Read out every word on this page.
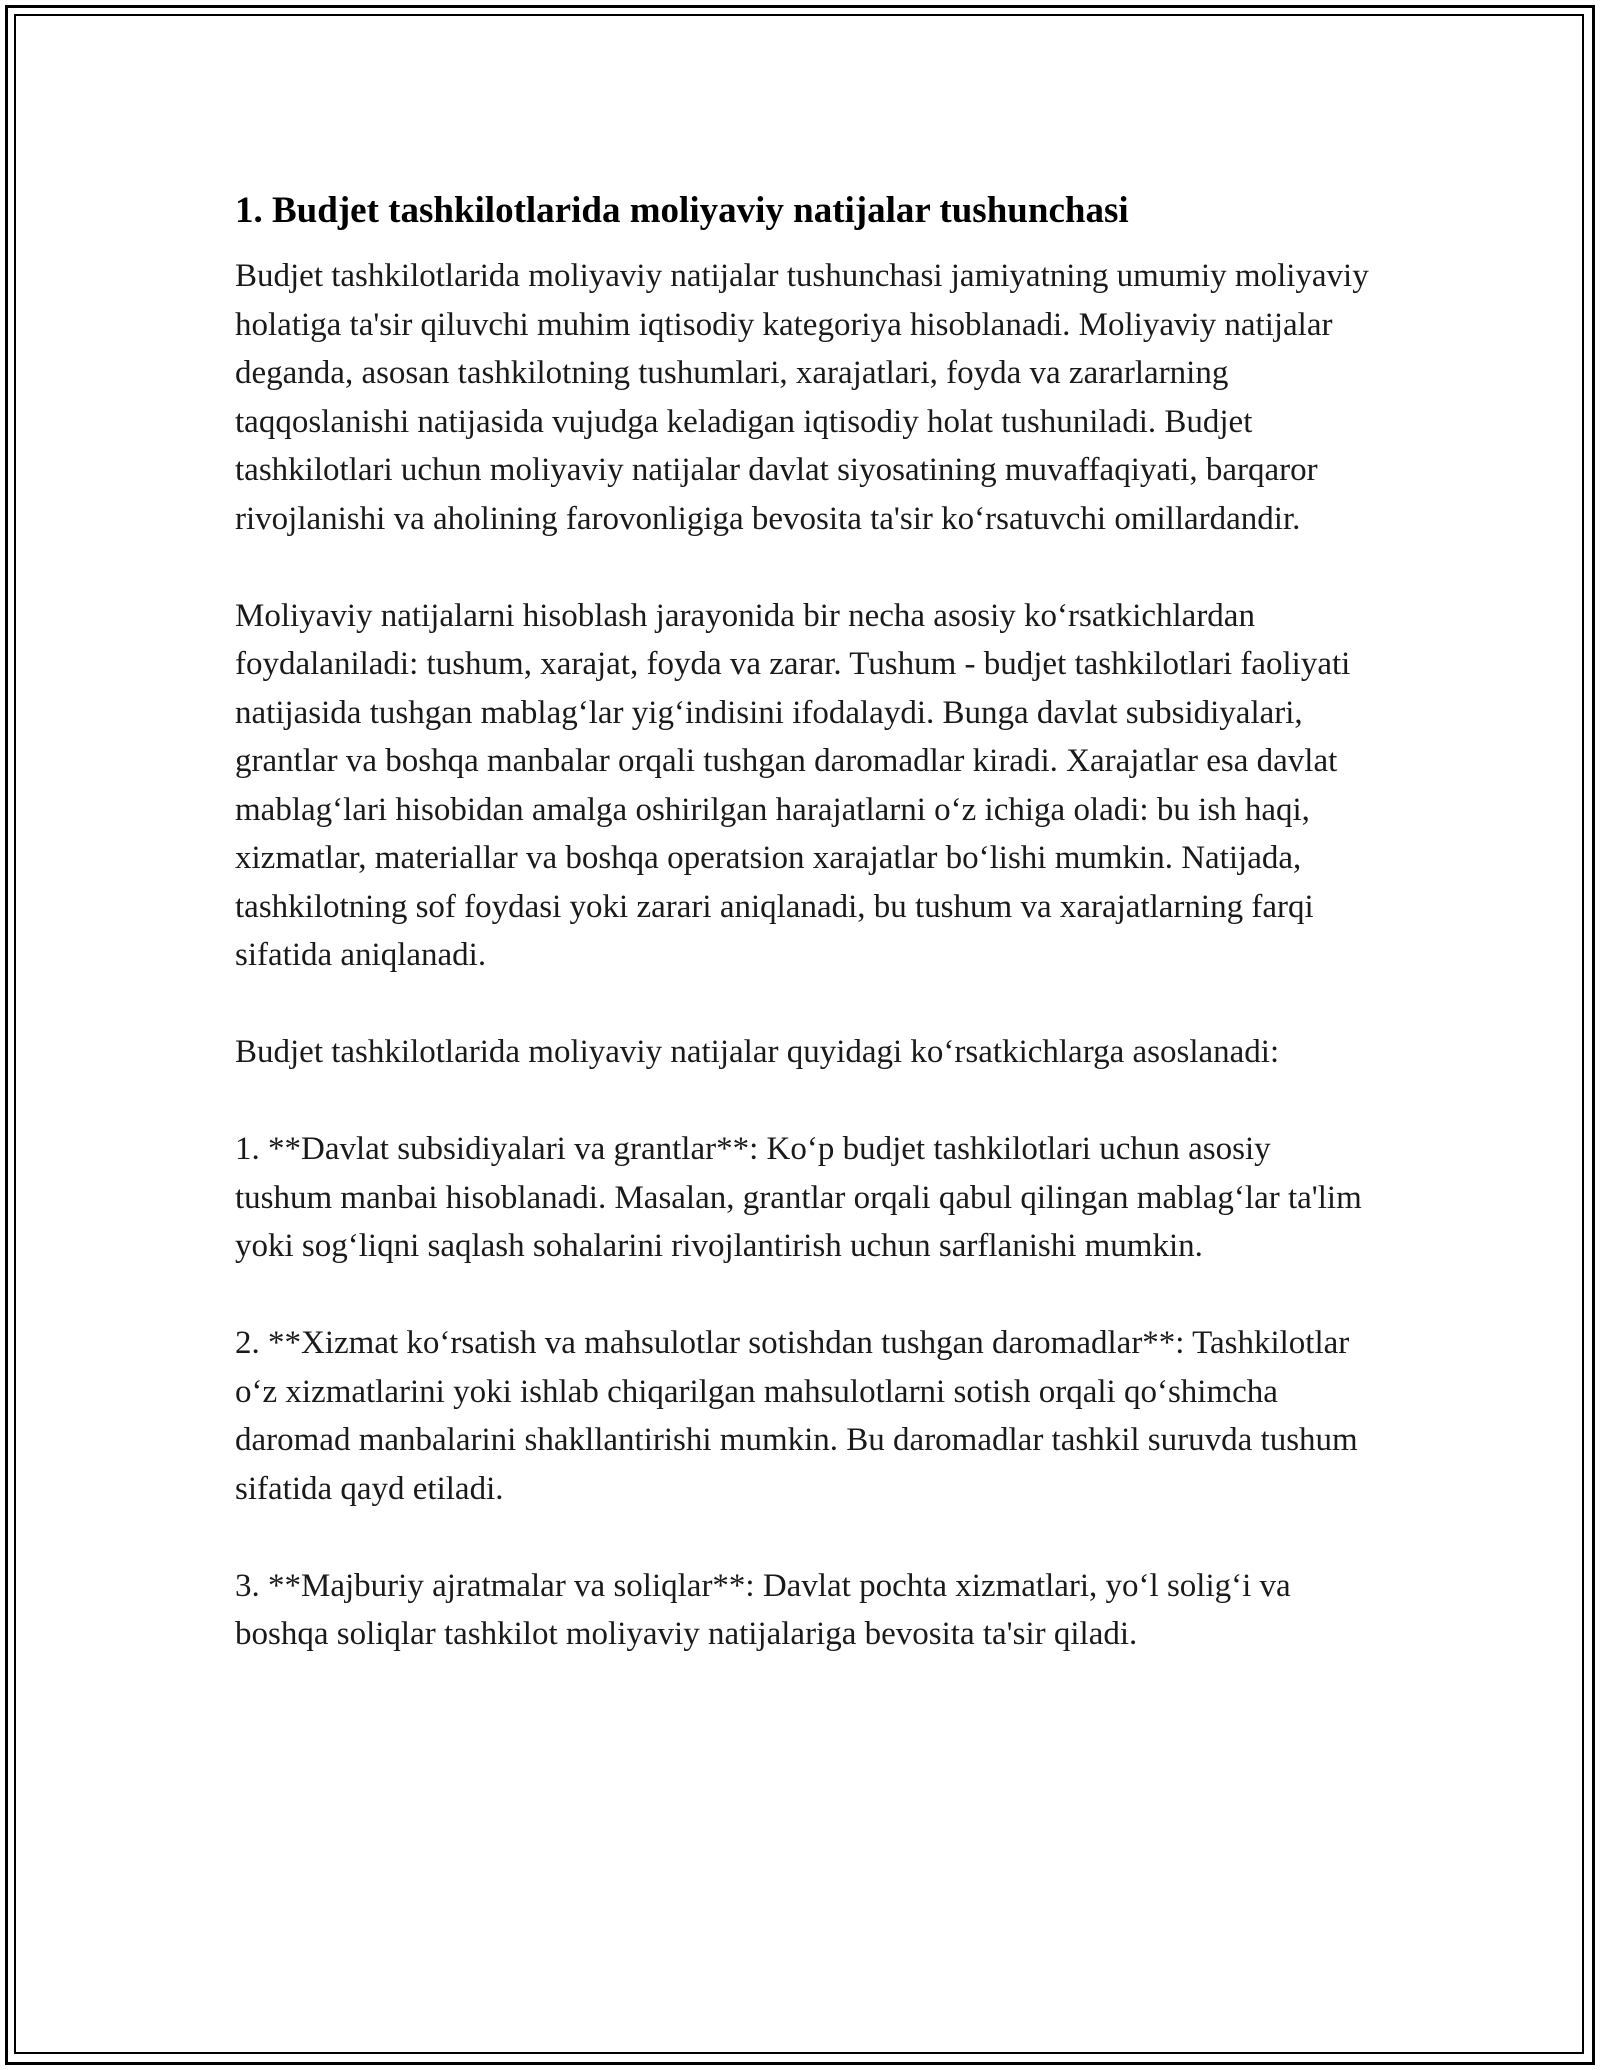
1. Budjet tashkilotlarida moliyaviy natijalar tushunchasi

Budjet tashkilotlarida moliyaviy natijalar tushunchasi jamiyatning umumiy moliyaviy holatiga ta'sir qiluvchi muhim iqtisodiy kategoriya hisoblanadi. Moliyaviy natijalar deganda, asosan tashkilotning tushumlari, xarajatlari, foyda va zararlarning taqqoslanishi natijasida vujudga keladigan iqtisodiy holat tushuniladi. Budjet tashkilotlari uchun moliyaviy natijalar davlat siyosatining muvaffaqiyati, barqaror rivojlanishi va aholining farovonligiga bevosita ta'sir ko‘rsatuvchi omillardandir.

Moliyaviy natijalarni hisoblash jarayonida bir necha asosiy ko‘rsatkichlardan foydalaniladi: tushum, xarajat, foyda va zarar. Tushum - budjet tashkilotlari faoliyati natijasida tushgan mablag‘lar yig‘indisini ifodalaydi. Bunga davlat subsidiyalari, grantlar va boshqa manbalar orqali tushgan daromadlar kiradi. Xarajatlar esa davlat mablag‘lari hisobidan amalga oshirilgan harajatlarni o‘z ichiga oladi: bu ish haqi, xizmatlar, materiallar va boshqa operatsion xarajatlar bo‘lishi mumkin. Natijada, tashkilotning sof foydasi yoki zarari aniqlanadi, bu tushum va xarajatlarning farqi sifatida aniqlanadi.

Budjet tashkilotlarida moliyaviy natijalar quyidagi ko‘rsatkichlarga asoslanadi:

1. **Davlat subsidiyalari va grantlar**: Ko‘p budjet tashkilotlari uchun asosiy tushum manbai hisoblanadi. Masalan, grantlar orqali qabul qilingan mablag‘lar ta'lim yoki sog‘liqni saqlash sohalarini rivojlantirish uchun sarflanishi mumkin.

2. **Xizmat ko‘rsatish va mahsulotlar sotishdan tushgan daromadlar**: Tashkilotlar o‘z xizmatlarini yoki ishlab chiqarilgan mahsulotlarni sotish orqali qo‘shimcha daromad manbalarini shakllantirishi mumkin. Bu daromadlar tashkil suruvda tushum sifatida qayd etiladi.

3. **Majburiy ajratmalar va soliqlar**: Davlat pochta xizmatlari, yo‘l solig‘i va boshqa soliqlar tashkilot moliyaviy natijalariga bevosita ta'sir qiladi.
